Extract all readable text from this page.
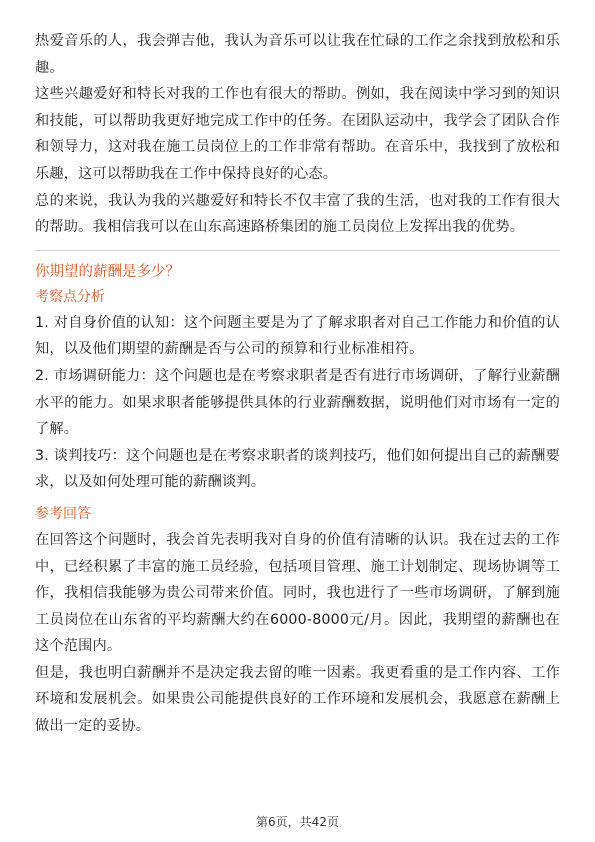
热爱音乐的人，我会弹吉他，我认为音乐可以让我在忙碌的工作之余找到放松和乐趣。

这些兴趣爱好和特长对我的工作也有很大的帮助。例如，我在阅读中学习到的知识和技能，可以帮助我更好地完成工作中的任务。在团队运动中，我学会了团队合作和领导力，这对我在施工员岗位上的工作非常有帮助。在音乐中，我找到了放松和乐趣，这可以帮助我在工作中保持良好的心态。

总的来说，我认为我的兴趣爱好和特长不仅丰富了我的生活，也对我的工作有很大的帮助。我相信我可以在山东高速路桥集团的施工员岗位上发挥出我的优势。

你期望的薪酬是多少？

考察点分析

1. 对自身价值的认知：这个问题主要是为了了解求职者对自己工作能力和价值的认知，以及他们期望的薪酬是否与公司的预算和行业标准相符。

2. 市场调研能力：这个问题也是在考察求职者是否有进行市场调研，了解行业薪酬水平的能力。如果求职者能够提供具体的行业薪酬数据，说明他们对市场有一定的了解。

3. 谈判技巧：这个问题也是在考察求职者的谈判技巧，他们如何提出自己的薪酬要求，以及如何处理可能的薪酬谈判。

参考回答

在回答这个问题时，我会首先表明我对自身的价值有清晰的认识。我在过去的工作中，已经积累了丰富的施工员经验，包括项目管理、施工计划制定、现场协调等工作，我相信我能够为贵公司带来价值。同时，我也进行了一些市场调研，了解到施工员岗位在山东省的平均薪酬大约在6000-8000元/月。因此，我期望的薪酬也在这个范围内。

但是，我也明白薪酬并不是决定我去留的唯一因素。我更看重的是工作内容、工作环境和发展机会。如果贵公司能提供良好的工作环境和发展机会，我愿意在薪酬上做出一定的妥协。

第6页，共42页
